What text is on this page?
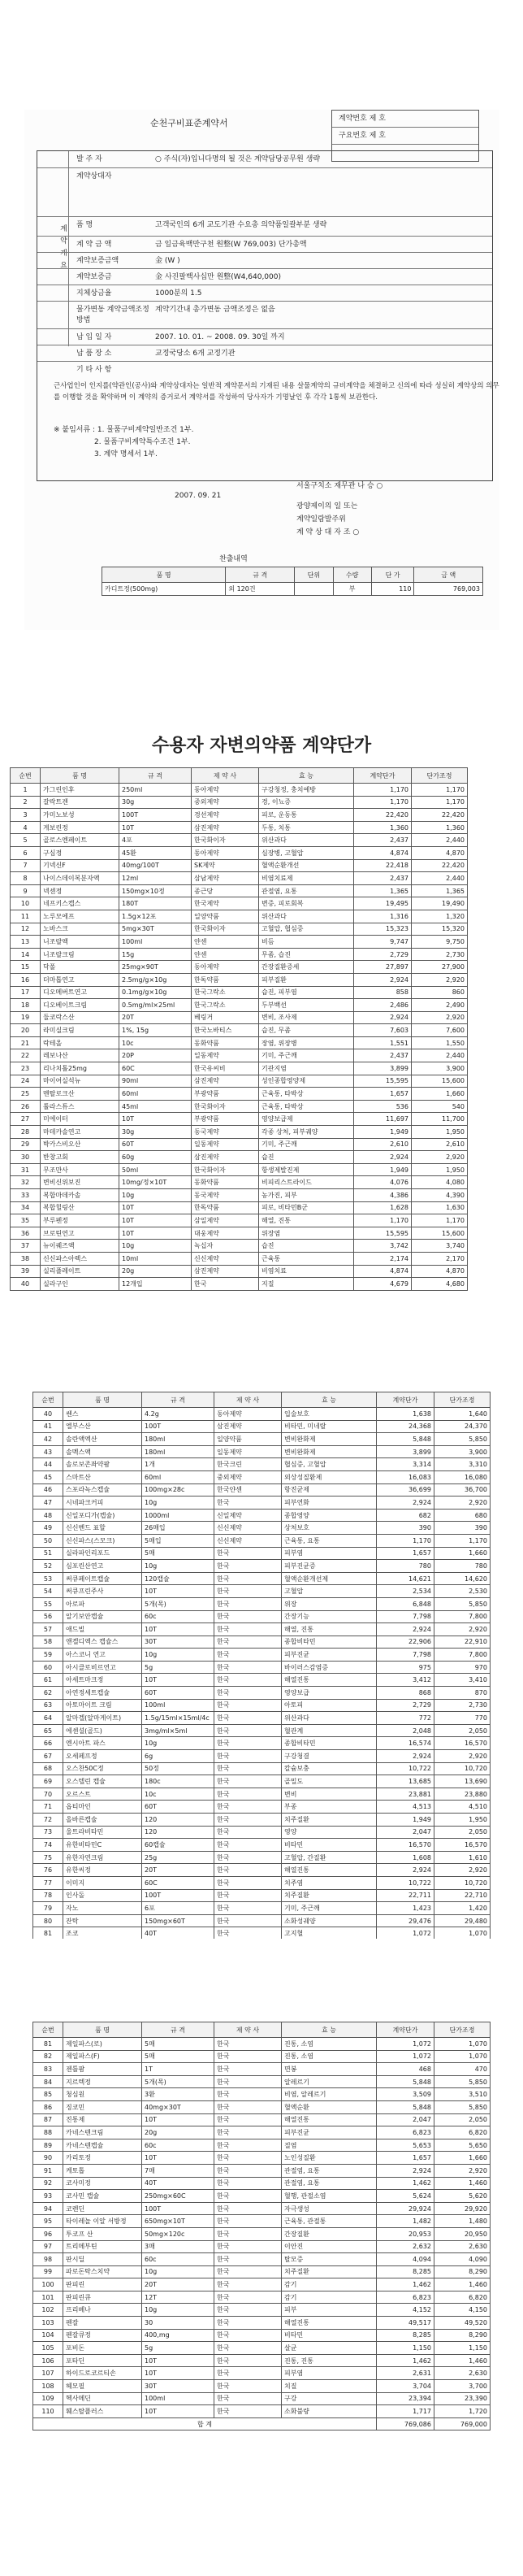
계약번호 제 호
구요번호 제 호
순천구비표준계약서
계약개요
발 주 자	○ 주식(자)입니다명의 될 것은 계약담당공무원 생략
계약상대자
품 명	고객국인의 6개 교도기관 수요총 의약품일괄부분 생략
계 약 금 액	금 일금육백만구천 원整(W 769,003) 단가총액
계약보증금액	金 (W )
계약보증금	金 사진팔백사십만 원整(W4,640,000)
지체상금율	1000분의 1.5
물가변동 계약금액조정방법
계약기간내 총가변동 금액조정은 없음
납 입 일 자	2007. 10. 01. ~ 2008. 09. 30일 까지
납 품 장 소	교정국당소 6개 교정기관
기 타 사 항
근사업인이 인지를(약관인(공사)와 계약상대자는 일반적 계약문서의 기재된 내용 살물계약의 규비계약을 체결하고 신의에 따라 성실히 계약상의 의무를 이행할 것을 확약하며 이 계약의 증거로서 계약서를 작성하여 당사자가 기명날인 후 각각 1통씩 보관한다.
※ 붙임서류 : 1. 물품구비계약일반조건 1부.
2. 물품구비계약특수조건 1부.
3. 계약 명세서 1부.
2007. 09. 21
서울구치소 재무관 나 승 ○
광양제이의 일 또는
계약일람발주위
계 약 상 대 자 조 ○
찬출내역
품 명	규 격	단위	수량	단 가	금 액
카디트정(500mg)	외 120건		부	110	769,003
수용자 자변의약품 계약단가
순번	품 명	규 격	제 약 사	효 능	계약단가	단가조정
1	가그린인후	250ml	동아제약	구강청정, 충치예방	1,170	1,170
2	갈락트겐	30g	중외제약	경, 이뇨증	1,170	1,170
3	가미노보성	100T	경선제약	피로, 운동통	22,420	22,420
4	게보린정	10T	삼진제약	두통, 치통	1,360	1,360
5	골로스엔페이트	4포	한국화이자	위산과다	2,437	2,440
6	구심정	45환	동아제약	심장병, 고혈압	4,874	4,870
7	기넥신F	40mg/100T	SK제약	혈액순환개선	22,418	22,420
8	나이스데이복분자액	12ml	삼남제약	비염치료제	2,437	2,440
9	넥센정	150mg×10정	종근당	관절염, 요통	1,365	1,365
10	네프키스캡스	180T	한국제약	변증, 피로회복	19,495	19,490
11	노루모에프	1.5g×12포	일양약품	위산과다	1,316	1,320
12	노바스크	5mg×30T	한국화이자	고혈압, 협심증	15,323	15,320
13	니조랄액	100ml	얀센	비듬	9,747	9,750
14	니조랄크림	15g	얀센	무좀, 습진	2,729	2,730
15	닥폴	25mg×90T	동아제약	간장질환증세	27,897	27,900
16	더마톱연고	2.5mg/g×10g	한독약품	피부질환	2,924	2,920
17	디오메버트연고	0.1mg/g×10g	한국그락소	습진, 피부염	858	860
18	디오베이트크림	0.5mg/ml×25ml	한국그락소	두부백선	2,486	2,490
19	둘코락스산	20T	베링거	변비, 조사제	2,924	2,920
20	라미실크림	1%, 15g	한국노바티스	습진, 무좀	7,603	7,600
21	락테올	10c	동화약품	장염, 위장병	1,551	1,550
22	레보나산	20P	일동제약	기미, 주근깨	2,437	2,440
23	리나치톨25mg	60C	한국유씨비	기관지염	3,899	3,900
24	마이어실석뉴	90ml	삼진제약	성인종합영양제	15,595	15,600
25	멘탈로크산	60ml	부광약품	근육통, 타박상	1,657	1,660
26	툴라스튜스	45ml	한국화이자	근육통, 타박상	536	540
27	미에이터	10T	부광약품	영양보급제	11,697	11,700
28	마데카솔연고	30g	동국제약	각종 상처, 피부궤양	1,949	1,950
29	박카스비오산	60T	일동제약	기미, 주근깨	2,610	2,610
30	반창고회	60g	삼진제약	습진	2,924	2,920
31	무조만사	50ml	한국화이자	항생제발진제	1,949	1,950
32	변비신위보진	10mg/정×10T	동화약품	비피리스트라이드	4,076	4,080
33	복합마데카솔	10g	동국제약	농가진, 피부	4,386	4,390
34	복합힐링산	10T	한독약품	피로, 비타민B군	1,628	1,630
35	부루펜정	10T	삼일제약	해열, 진통	1,170	1,170
36	브로틴연고	10T	대웅제약	위장염	15,595	15,600
37	뉴이퀘즈액	10g	녹십자	습진	3,742	3,740
38	신신파스아렉스	10ml	신신제약	근육통	2,174	2,170
39	실리플레이트	20g	삼진제약	비염치료	4,874	4,870
40	실라구인	12개입	한국	지질	4,679	4,680
순번	품 명	규 격	제 약 사	효 능	계약단가	단가조정
40	쎈스	4.2g	동아제약	입술보호	1,638	1,640
41	엘부스산	100T	삼진제약	비타민, 미네랄	24,368	24,370
42	솔란액엑산	180ml	일양약품	변비완화제	5,848	5,850
43	솔멕스액	180ml	일동제약	변비완화제	3,899	3,900
44	솔로보존좌약팜	1개	한국크린	협심증, 고혈압	3,314	3,310
45	스마트산	60ml	중외제약	외상성질환제	16,083	16,080
46	스포라녹스캡슐	100mg×28c	한국얀센	항진균제	36,699	36,700
47	시네파크커피	10g	한국	피부연화	2,924	2,920
48	신일포디가(캡슐)	1000ml	신일제약	종합영양	682	680
49	신신벤드 표할	26매입	신신제약	상처보호	390	390
50	신신파스(스모크)	5매입	신신제약	근육통, 요통	1,170	1,170
51	실라파인리포드	5매	한국	피부염	1,657	1,660
52	심포린산연고	10g	한국	피부진균증	780	780
53	써큐페이트캡슐	120캡슐	한국	혈액순환개선제	14,621	14,620
54	써큐프린주사	10T	한국	고혈압	2,534	2,530
55	아로파	5개(목)	한국	위장	6,848	5,850
56	알기보안캡슐	60c	한국	간장기능	7,798	7,800
57	애드빌	10T	한국	해열, 진통	2,924	2,920
58	앤겔디엑스 캡슐스	30T	한국	종합비타민	22,906	22,910
59	아스코니 연고	10g	한국	피부진균	7,798	7,800
60	아시클로비르연고	5g	한국	바이러스감염증	975	970
61	아세트마크정	10T	한국	해열진통	3,412	3,410
62	아연정세트캡슐	60T	한국	영양보급	868	870
63	아토마이트 크림	100ml	한국	아토피	2,729	2,730
64	알마겔(알마게이트)	1.5g/15ml×15ml/4c	한국	위산과다	772	770
65	에센셜(골드)	3mg/ml×5ml	한국	혈관계	2,048	2,050
66	엔시아트 파스	10g	한국	종합비타민	16,574	16,570
67	오세페프정	6g	한국	구강청결	2,924	2,920
68	오스찬50C정	50정	한국	칼슘보충	10,722	10,720
69	오스텔린 캡슐	180c	한국	골밀도	13,685	13,690
70	오르스트	10c	한국	변비	23,881	23,880
71	옵티마인	60T	한국	부종	4,513	4,510
72	올바른캡슐	120	한국	치주질환	1,949	1,950
73	울트라비타민	120	한국	영양	2,047	2,050
74	유한비타민C	60캡슐	한국	비타민	16,570	16,570
75	유한자연크림	25g	한국	고혈압, 간질환	1,608	1,610
76	유한씨정	20T	한국	해열진통	2,924	2,920
77	이미지	60C	한국	치주염	10,722	10,720
78	인사돌	100T	한국	치주질환	22,711	22,710
79	자노	6포	한국	기미, 주근깨	1,423	1,420
80	잔탁	150mg×60T	한국	소화성궤양	29,476	29,480
81	조코	40T	한국	고지혈	1,072	1,070
순번	품 명	규 격	제 약 사	효 능	계약단가	단가조정
81	제일파스(로)	5매	한국	진통, 소염	1,072	1,070
82	제일파스(F)	5매	한국	진통, 소염	1,072	1,070
83	젠틀팜	1T	한국	면봉	468	470
84	지르텍정	5개(목)	한국	알레르기	5,848	5,850
85	청심원	3환	한국	비염, 알레르기	3,509	3,510
86	징코민	40mg×30T	한국	혈액순환	5,848	5,850
87	진통제	10T	한국	해열진통	2,047	2,050
88	카네스텐크림	20g	한국	피부진균	6,823	6,820
89	카네스텐캡슐	60c	한국	질염	5,653	5,650
90	카리토정	10T	한국	노인성질환	1,657	1,660
91	케토톱	7매	한국	관절염, 요통	2,924	2,920
92	코사미정	40T	한국	관절염, 요통	1,462	1,460
93	코사민 캡슐	250mg×60C	한국	혈행, 관절소염	5,624	5,620
94	코렌딘	100T	한국	자극생성	29,924	29,920
95	타이레놀 이알 서방정	650mg×10T	한국	근육통, 관절통	1,482	1,480
96	투코프 산	50mg×120c	한국	간장질환	20,953	20,950
97	트리메부틴	3매	한국	이안진	2,632	2,630
98	판시딜	60c	한국	탈모증	4,094	4,090
99	파로돈탁스치약	10g	한국	치주질환	8,285	8,290
100	판피린	20T	한국	감기	1,462	1,460
101	판피린큐	12T	한국	감기	6,823	6,820
102	프리베나	10g	한국	피부	4,152	4,150
103	펜잘	30	한국	해열진통	49,517	49,520
104	펜잘큐정	400,mg	한국	비타민	8,285	8,290
105	포비돈	5g	한국	살균	1,150	1,150
106	포타딘	10T	한국	진통, 진통	1,462	1,460
107	하이드로코르티손	10T	한국	피부염	2,631	2,630
108	헤모필	30T	한국	치질	3,704	3,700
109	헥사메딘	100ml	한국	구강	23,394	23,390
110	훼스탈플러스	10T	한국	소화불량	1,717	1,720
합 계					769,086	769,000
